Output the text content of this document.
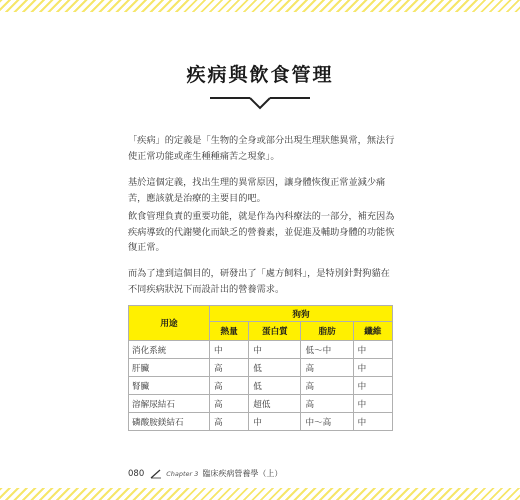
疾病與飲食管理

「疾病」的定義是「生物的全身或部分出現生理狀態異常，無法行使正常功能或產生種種痛苦之現象」。

基於這個定義，找出生理的異常原因，讓身體恢復正常並減少痛苦，應該就是治療的主要目的吧。

飲食管理負責的重要功能，就是作為內科療法的一部分，補充因為疾病導致的代謝變化而缺乏的營養素，並促進及輔助身體的功能恢復正常。

而為了達到這個目的，研發出了「處方飼料」，是特別針對狗貓在不同疾病狀況下而設計出的營養需求。

用途	狗狗			
	熱量	蛋白質	脂肪	纖維
消化系統	中	中	低〜中	中
肝臟	高	低	高	中
腎臟	高	低	高	中
溶解尿結石	高	超低	高	中
磷酸胺鎂結石	高	中	中〜高	中
080	Chapter 3 臨床疾病營養學（上）
